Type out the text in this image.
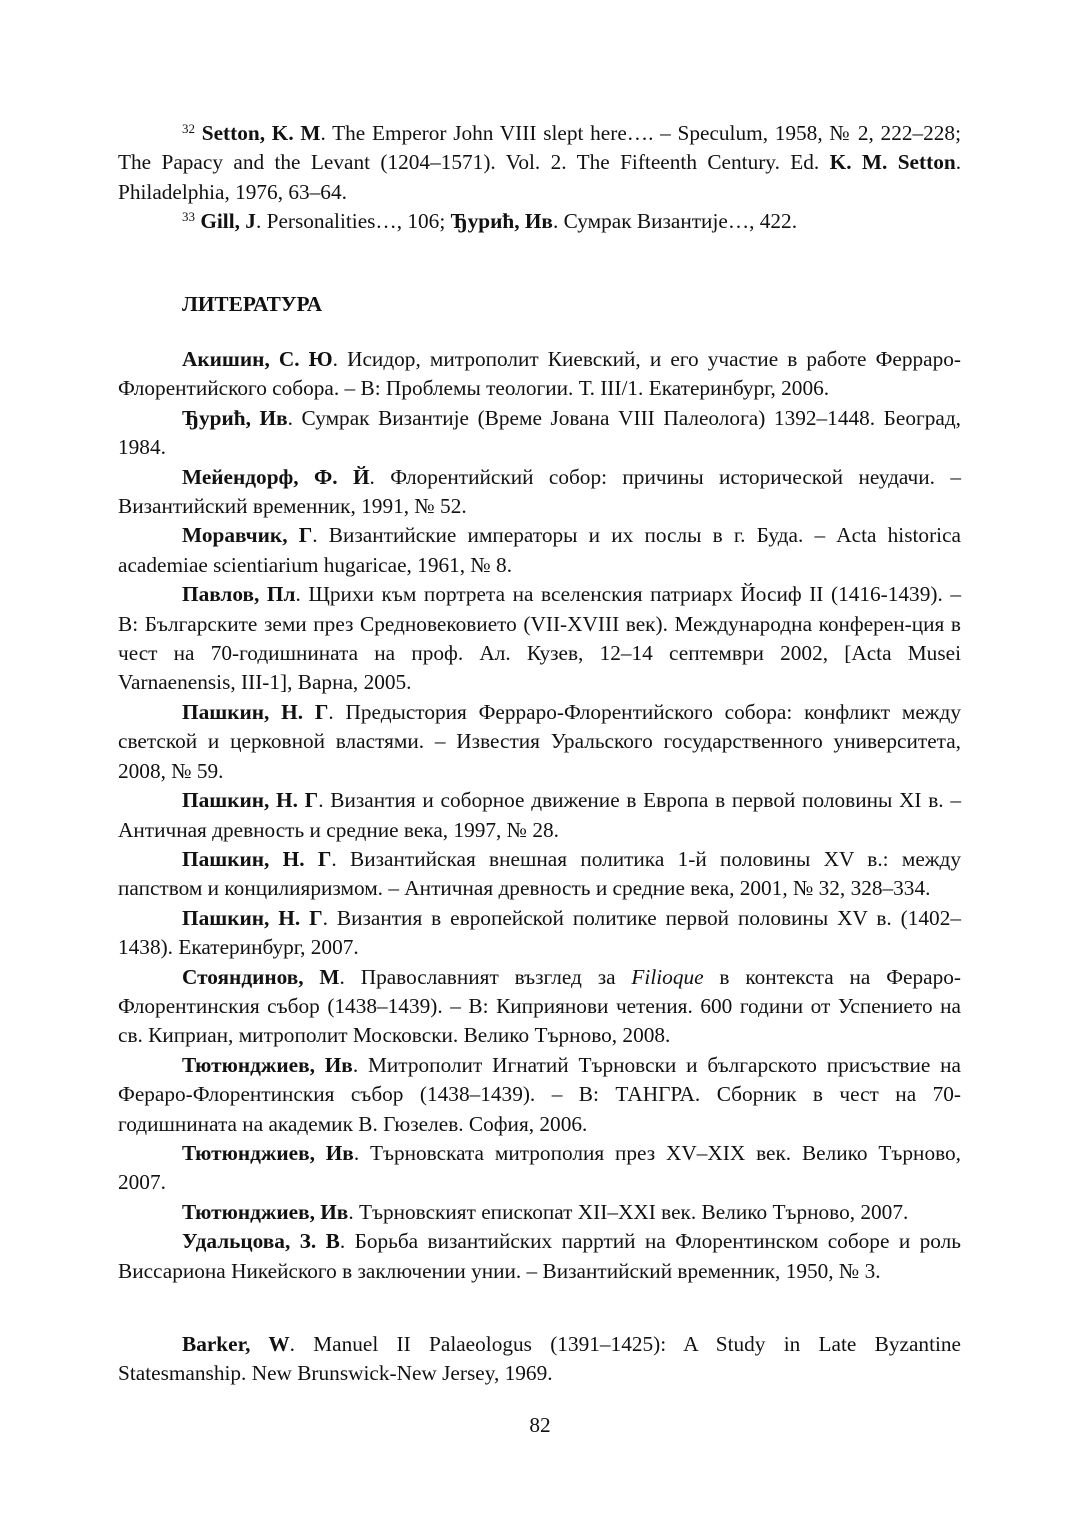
$^{32}$ Setton, K. M. The Emperor John VIII slept here…. – Speculum, 1958, № 2, 222–228; The Papacy and the Levant (1204–1571). Vol. 2. The Fifteenth Century. Ed. K. M. Setton. Philadelphia, 1976, 63–64.

$^{33}$ Gill, J. Personalities…, 106; Ђурић, Ив. Сумрак Византије…, 422.

ЛИТЕРАТУРА

Акишин, С. Ю. Исидор, митрополит Киевский, и его участие в работе Ферраро-Флорентийского собора. – В: Проблемы теологии. Т. III/1. Екатеринбург, 2006.

Ђурић, Ив. Сумрак Византије (Време Јована VIII Палеолога) 1392–1448. Београд, 1984.

Мейендорф, Ф. Й. Флорентийский собор: причины исторической неудачи. – Византийский временник, 1991, № 52.

Моравчик, Г. Византийские императоры и их послы в г. Буда. – Acta historica academiae scientiarium hugaricae, 1961, № 8.

Павлов, Пл. Щрихи към портрета на вселенския патриарх Йосиф II (1416-1439). – В: Българските земи през Средновековието (VII-XVIII век). Международна конферен-ция в чест на 70-годишнината на проф. Ал. Кузев, 12–14 септември 2002, [Acta Musei Varnaenensis, III-1], Варна, 2005.

Пашкин, Н. Г. Предыстория Ферраро-Флорентийского собора: конфликт между светской и церковной властями. – Известия Уральского государственного университета, 2008, № 59.

Пашкин, Н. Г. Византия и соборное движение в Европа в первой половины XI в. – Античная древность и средние века, 1997, № 28.

Пашкин, Н. Г. Византийская внешная политика 1-й половины XV в.: между папством и концилияризмом. – Античная древность и средние века, 2001, № 32, 328–334.

Пашкин, Н. Г. Византия в европейской политике первой половины XV в. (1402–1438). Екатеринбург, 2007.

Стояндинов, М. Православният възглед за Filioque в контекста на Фераро-Флорентинския събор (1438–1439). – В: Киприянови четения. 600 години от Успението на св. Киприан, митрополит Московски. Велико Търново, 2008.

Тютюнджиев, Ив. Митрополит Игнатий Търновски и българското присъствие на Фераро-Флорентинския събор (1438–1439). – В: ТАНГРА. Сборник в чест на 70-годишнината на академик В. Гюзелев. София, 2006.

Тютюнджиев, Ив. Търновската митрополия през XV–XIX век. Велико Търново, 2007.

Тютюнджиев, Ив. Търновският епископат XII–XXI век. Велико Търново, 2007.

Удальцова, З. В. Борьба византийских парртий на Флорентинском соборе и роль Виссариона Никейского в заключении унии. – Византийский временник, 1950, № 3.

Barker, W. Manuel II Palaeologus (1391–1425): A Study in Late Byzantine Statesmanship. New Brunswick-New Jersey, 1969.

82
